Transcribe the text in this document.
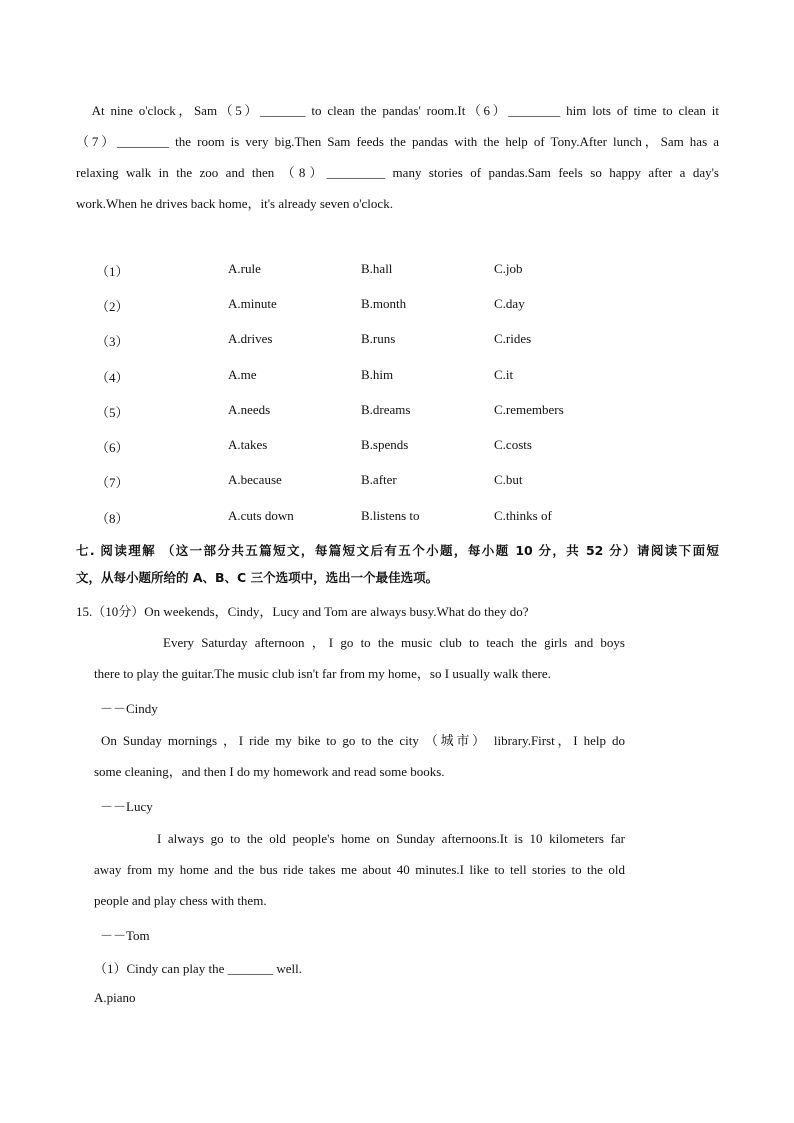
　At nine o'clock，Sam（5）_______ to clean the pandas' room.It（6）________ him lots of time to clean it
（7）________ the room is very big.Then Sam feeds the pandas with the help of Tony.After lunch，Sam has a
relaxing walk in the zoo and then （8）_________ many stories of pandas.Sam feels so happy after a day's
work.When he drives back home，it's already seven o'clock.
（1）	A.rule	B.hall	C.job
（2）	A.minute	B.month	C.day
（3）	A.drives	B.runs	C.rides
（4）	A.me	B.him	C.it
（5）	A.needs	B.dreams	C.remembers
（6）	A.takes	B.spends	C.costs
（7）	A.because	B.after	C.but
（8）	A.cuts down	B.listens to	C.thinks of
七. 阅读理解 （这一部分共五篇短文，每篇短文后有五个小题，每小题 10 分，共 52 分）请阅读下面短
文，从每小题所给的 A、B、C 三个选项中，选出一个最佳选项。
15.（10分）On weekends，Cindy，Lucy and Tom are always busy.What do they do?
Every Saturday afternoon ，I go to the music club to teach the girls and boys
there to play the guitar.The music club isn't far from my home，so I usually walk there.
－－Cindy
On Sunday mornings ，I ride my bike to go to the city （城市） library.First，I help do
some cleaning，and then I do my homework and read some books.
－－Lucy
I always go to the old people's home on Sunday afternoons.It is 10 kilometers far
away from my home and the bus ride takes me about 40 minutes.I like to tell stories to the old
people and play chess with them.
－－Tom
（1）Cindy can play the _______ well.
A.piano
